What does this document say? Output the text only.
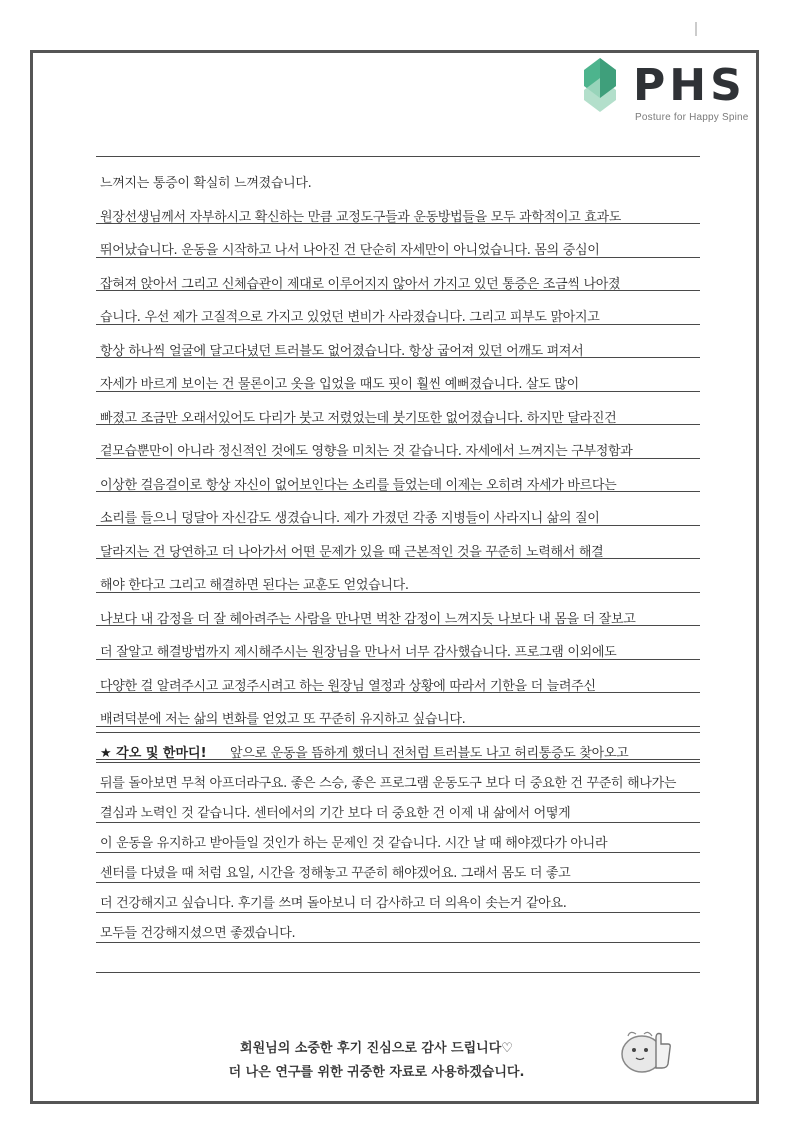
PHS
Posture for Happy Spine
느껴지는 통증이 확실히 느껴졌습니다.
원장선생님께서 자부하시고 확신하는 만큼 교정도구들과 운동방법들을 모두 과학적이고 효과도
뛰어났습니다. 운동을 시작하고 나서 나아진 건 단순히 자세만이 아니었습니다. 몸의 중심이
잡혀져 앉아서 그리고 신체습관이 제대로 이루어지지 않아서 가지고 있던 통증은 조금씩 나아졌
습니다. 우선 제가 고질적으로 가지고 있었던 변비가 사라졌습니다. 그리고 피부도 맑아지고
항상 하나씩 얼굴에 달고다녔던 트러블도 없어졌습니다. 항상 굽어져 있던 어깨도 펴져서
자세가 바르게 보이는 건 물론이고 옷을 입었을 때도 핏이 훨씬 예뻐졌습니다. 살도 많이
빠졌고 조금만 오래서있어도 다리가 붓고 저렸었는데 붓기또한 없어졌습니다. 하지만 달라진건
겉모습뿐만이 아니라 정신적인 것에도 영향을 미치는 것 같습니다. 자세에서 느껴지는 구부정함과
이상한 걸음걸이로 항상 자신이 없어보인다는 소리를 들었는데 이제는 오히려 자세가 바르다는
소리를 들으니 덩달아 자신감도 생겼습니다. 제가 가졌던 각종 지병들이 사라지니 삶의 질이
달라지는 건 당연하고 더 나아가서 어떤 문제가 있을 때 근본적인 것을 꾸준히 노력해서 해결
해야 한다고 그리고 해결하면 된다는 교훈도 얻었습니다.
나보다 내 감정을 더 잘 헤아려주는 사람을 만나면 벅찬 감정이 느껴지듯 나보다 내 몸을 더 잘보고
더 잘알고 해결방법까지 제시해주시는 원장님을 만나서 너무 감사했습니다. 프로그램 이외에도
다양한 걸 알려주시고 교정주시려고 하는 원장님 열정과 상황에 따라서 기한을 더 늘려주신
배려덕분에 저는 삶의 변화를 얻었고 또 꾸준히 유지하고 싶습니다.
앞으로 운동을 뜸하게 했더니 전처럼 트러블도 나고 허리통증도 찾아오고
뒤를 돌아보면 무척 아프더라구요. 좋은 스승, 좋은 프로그램 운동도구 보다 더 중요한 건 꾸준히 해나가는
결심과 노력인 것 같습니다. 센터에서의 기간 보다 더 중요한 건 이제 내 삶에서 어떻게
이 운동을 유지하고 받아들일 것인가 하는 문제인 것 같습니다. 시간 날 때 해야겠다가 아니라
센터를 다녔을 때 처럼 요일, 시간을 정해놓고 꾸준히 해야겠어요. 그래서 몸도 더 좋고
더 건강해지고 싶습니다. 후기를 쓰며 돌아보니 더 감사하고 더 의욕이 솟는거 같아요.
모두들 건강해지셨으면 좋겠습니다.
★ 각오 및 한마디!
회원님의 소중한 후기 진심으로 감사 드립니다♡
더 나은 연구를 위한 귀중한 자료로 사용하겠습니다.
